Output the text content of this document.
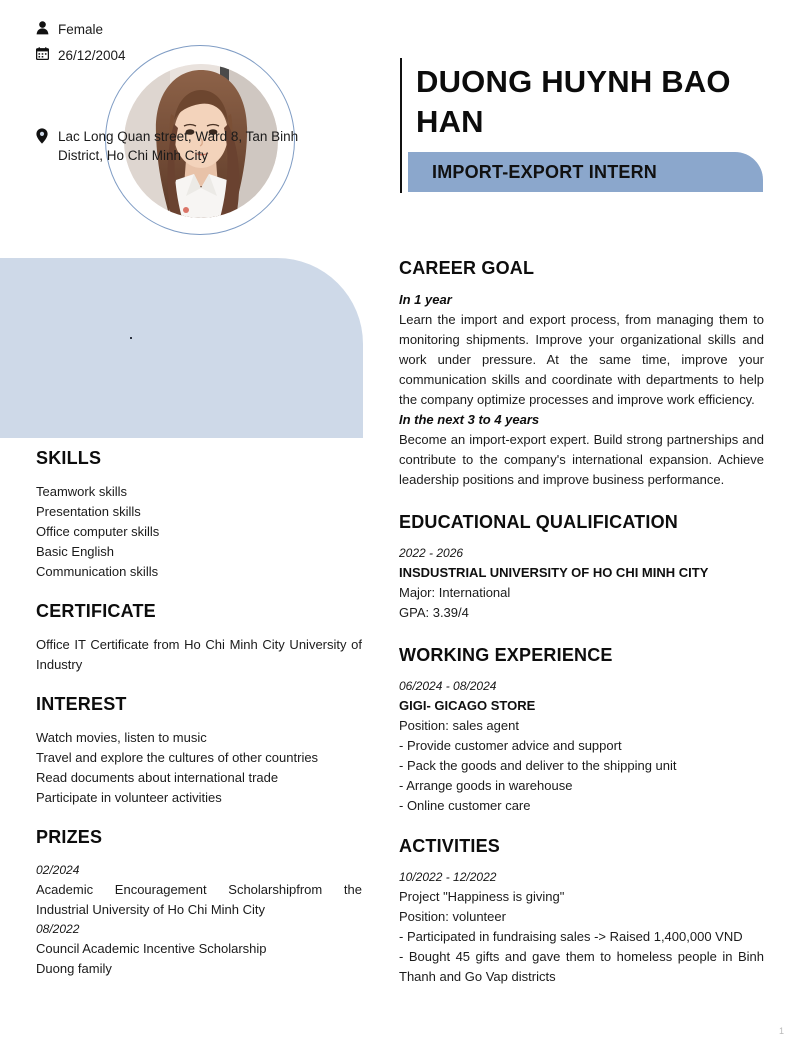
DUONG HUYNH BAO HAN
IMPORT-EXPORT INTERN
Female
26/12/2004
Lac Long Quan street, Ward 8, Tan Binh District, Ho Chi Minh City
SKILLS
Teamwork skills
Presentation skills
Office computer skills
Basic English
Communication skills
CERTIFICATE
Office IT Certificate from Ho Chi Minh City University of Industry
INTEREST
Watch movies, listen to music
Travel and explore the cultures of other countries
Read documents about international trade
Participate in volunteer activities
PRIZES
02/2024
Academic Encouragement Scholarshipfrom the Industrial University of Ho Chi Minh City
08/2022
Council Academic Incentive Scholarship
Duong family
CAREER GOAL
In 1 year
Learn the import and export process, from managing them to monitoring shipments. Improve your organizational skills and work under pressure. At the same time, improve your communication skills and coordinate with departments to help the company optimize processes and improve work efficiency.
In the next 3 to 4 years
Become an import-export expert. Build strong partnerships and contribute to the company's international expansion. Achieve leadership positions and improve business performance.
EDUCATIONAL QUALIFICATION
2022 - 2026
INSDUSTRIAL UNIVERSITY OF HO CHI MINH CITY
Major: International
GPA: 3.39/4
WORKING EXPERIENCE
06/2024 - 08/2024
GIGI- GICAGO STORE
Position: sales agent
- Provide customer advice and support
- Pack the goods and deliver to the shipping unit
- Arrange goods in warehouse
- Online customer care
ACTIVITIES
10/2022 - 12/2022
Project "Happiness is giving"
Position: volunteer
- Participated in fundraising sales -> Raised 1,400,000 VND
- Bought 45 gifts and gave them to homeless people in Binh Thanh and Go Vap districts
1
